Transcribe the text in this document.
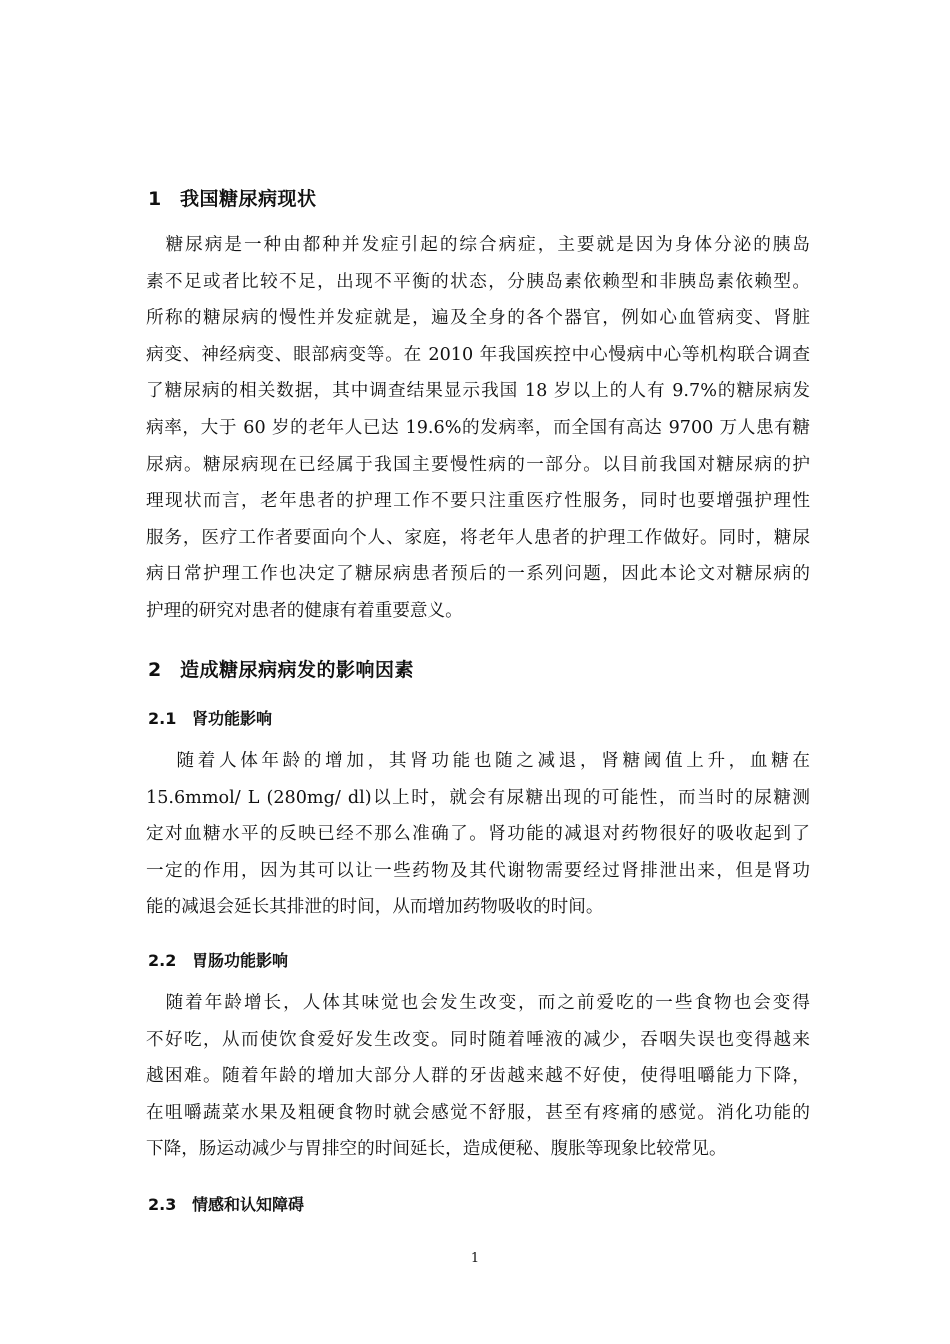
1 我国糖尿病现状
　糖尿病是一种由都种并发症引起的综合病症，主要就是因为身体分泌的胰岛
素不足或者比较不足，出现不平衡的状态，分胰岛素依赖型和非胰岛素依赖型。
所称的糖尿病的慢性并发症就是，遍及全身的各个器官，例如心血管病变、肾脏
病变、神经病变、眼部病变等。在 2010 年我国疾控中心慢病中心等机构联合调查
了糖尿病的相关数据，其中调查结果显示我国 18 岁以上的人有 9.7%的糖尿病发
病率，大于 60 岁的老年人已达 19.6%的发病率，而全国有高达 9700 万人患有糖
尿病。糖尿病现在已经属于我国主要慢性病的一部分。以目前我国对糖尿病的护
理现状而言，老年患者的护理工作不要只注重医疗性服务，同时也要增强护理性
服务，医疗工作者要面向个人、家庭，将老年人患者的护理工作做好。同时，糖尿
病日常护理工作也决定了糖尿病患者预后的一系列问题，因此本论文对糖尿病的
护理的研究对患者的健康有着重要意义。
2 造成糖尿病病发的影响因素
2.1 肾功能影响
　 随着人体年龄的增加，其肾功能也随之减退，肾糖阈值上升，血糖在
15.6mmol/ L (280mg/ dl)以上时，就会有尿糖出现的可能性，而当时的尿糖测
定对血糖水平的反映已经不那么准确了。肾功能的减退对药物很好的吸收起到了
一定的作用，因为其可以让一些药物及其代谢物需要经过肾排泄出来，但是肾功
能的减退会延长其排泄的时间，从而增加药物吸收的时间。
2.2 胃肠功能影响
　随着年龄增长，人体其味觉也会发生改变，而之前爱吃的一些食物也会变得
不好吃，从而使饮食爱好发生改变。同时随着唾液的减少，吞咽失误也变得越来
越困难。随着年龄的增加大部分人群的牙齿越来越不好使，使得咀嚼能力下降，
在咀嚼蔬菜水果及粗硬食物时就会感觉不舒服，甚至有疼痛的感觉。消化功能的
下降，肠运动减少与胃排空的时间延长，造成便秘、腹胀等现象比较常见。
2.3 情感和认知障碍
1
